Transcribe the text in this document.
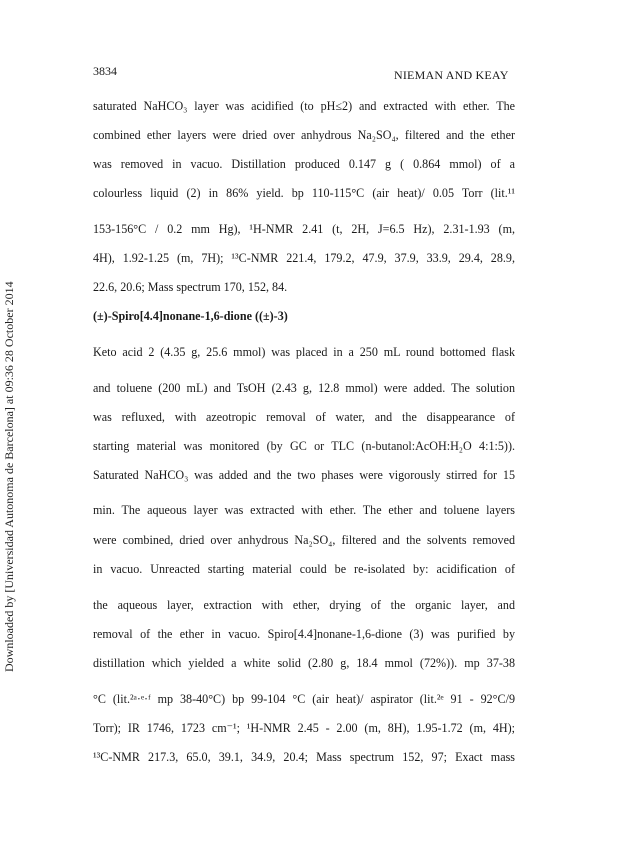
3834	NIEMAN AND KEAY
Downloaded by [Universidad Autonoma de Barcelona] at 09:36 28 October 2014
saturated NaHCO₃ layer was acidified (to pH≤2) and extracted with ether. The
combined ether layers were dried over anhydrous Na₂SO₄, filtered and the ether
was removed in vacuo. Distillation produced 0.147 g ( 0.864 mmol) of a
colourless liquid (2) in 86% yield. bp 110-115°C (air heat)/ 0.05 Torr (lit.¹¹
153-156°C / 0.2 mm Hg), ¹H-NMR 2.41 (t, 2H, J=6.5 Hz), 2.31-1.93 (m,
4H), 1.92-1.25 (m, 7H); ¹³C-NMR 221.4, 179.2, 47.9, 37.9, 33.9, 29.4, 28.9,
22.6, 20.6; Mass spectrum 170, 152, 84.
(±)-Spiro[4.4]nonane-1,6-dione ((±)-3)
Keto acid 2 (4.35 g, 25.6 mmol) was placed in a 250 mL round bottomed flask
and toluene (200 mL) and TsOH (2.43 g, 12.8 mmol) were added. The solution
was refluxed, with azeotropic removal of water, and the disappearance of
starting material was monitored (by GC or TLC (n-butanol:AcOH:H₂O 4:1:5)).
Saturated NaHCO₃ was added and the two phases were vigorously stirred for 15
min. The aqueous layer was extracted with ether. The ether and toluene layers
were combined, dried over anhydrous Na₂SO₄, filtered and the solvents removed
in vacuo. Unreacted starting material could be re-isolated by: acidification of
the aqueous layer, extraction with ether, drying of the organic layer, and
removal of the ether in vacuo. Spiro[4.4]nonane-1,6-dione (3) was purified by
distillation which yielded a white solid (2.80 g, 18.4 mmol (72%)). mp 37-38
°C (lit.²ᵃ·ᵉ·ᶠ mp 38-40°C) bp 99-104 °C (air heat)/ aspirator (lit.²ᵉ 91 - 92°C/9
Torr); IR 1746, 1723 cm⁻¹; ¹H-NMR 2.45 - 2.00 (m, 8H), 1.95-1.72 (m, 4H);
¹³C-NMR 217.3, 65.0, 39.1, 34.9, 20.4; Mass spectrum 152, 97; Exact mass
